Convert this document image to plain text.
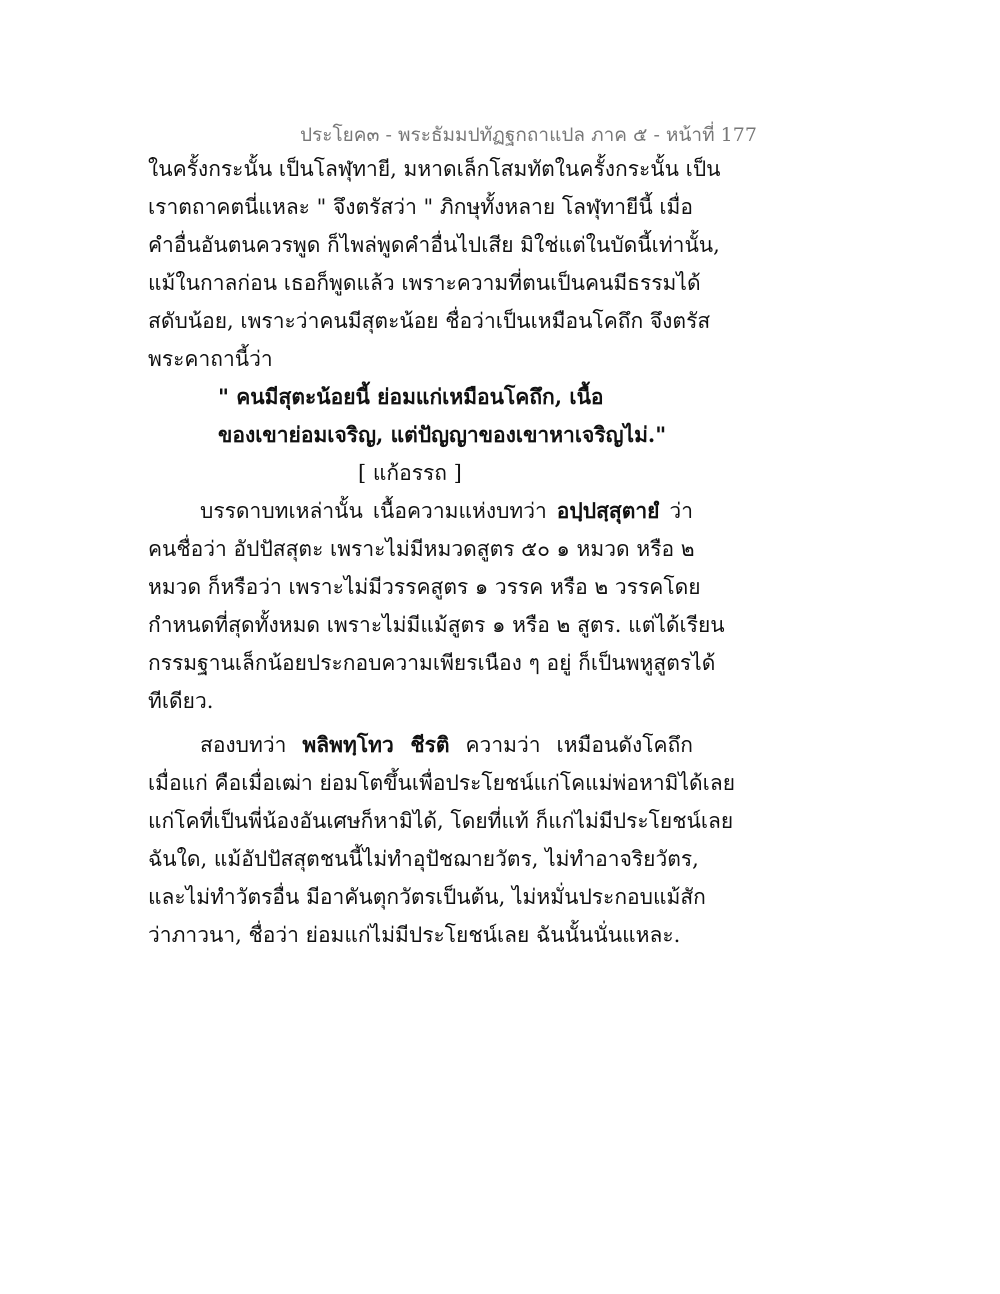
ประโยค๓ - พระธัมมปทัฏฐกถาแปล ภาค ๕ - หน้าที่ 177
ในครั้งกระนั้น เป็นโลฬุทายี, มหาดเล็กโสมทัตในครั้งกระนั้น เป็น
เราตถาคตนี่แหละ " จึงตรัสว่า " ภิกษุทั้งหลาย โลฬุทายีนี้ เมื่อ
คำอื่นอันตนควรพูด ก็ไพล่พูดคำอื่นไปเสีย มิใช่แต่ในบัดนี้เท่านั้น,
แม้ในกาลก่อน เธอก็พูดแล้ว เพราะความที่ตนเป็นคนมีธรรมได้
สดับน้อย, เพราะว่าคนมีสุตะน้อย ชื่อว่าเป็นเหมือนโคถึก จึงตรัส
พระคาถานี้ว่า
" คนมีสุตะน้อยนี้ ย่อมแก่เหมือนโคถึก, เนื้อ
ของเขาย่อมเจริญ, แต่ปัญญาของเขาหาเจริญไม่."
[ แก้อรรถ ]
บรรดาบทเหล่านั้น เนื้อความแห่งบทว่า อปฺปสฺสุตายํ ว่า
คนชื่อว่า อัปปัสสุตะ เพราะไม่มีหมวดสูตร ๕๐ ๑ หมวด หรือ ๒
หมวด ก็หรือว่า เพราะไม่มีวรรคสูตร ๑ วรรค หรือ ๒ วรรคโดย
กำหนดที่สุดทั้งหมด เพราะไม่มีแม้สูตร ๑ หรือ ๒ สูตร. แต่ได้เรียน
กรรมฐานเล็กน้อยประกอบความเพียรเนือง ๆ อยู่ ก็เป็นพหูสูตรได้
ทีเดียว.
สองบทว่า พลิพทฺโทว ชีรติ ความว่า เหมือนดังโคถึก
เมื่อแก่ คือเมื่อเฒ่า ย่อมโตขึ้นเพื่อประโยชน์แก่โคแม่พ่อหามิได้เลย
แก่โคที่เป็นพี่น้องอันเศษก็หามิได้, โดยที่แท้ ก็แก่ไม่มีประโยชน์เลย
ฉันใด, แม้อัปปัสสุตชนนี้ไม่ทำอุปัชฌายวัตร, ไม่ทำอาจริยวัตร,
และไม่ทำวัตรอื่น มีอาคันตุกวัตรเป็นต้น, ไม่หมั่นประกอบแม้สัก
ว่าภาวนา, ชื่อว่า ย่อมแก่ไม่มีประโยชน์เลย ฉันนั้นนั่นแหละ.
